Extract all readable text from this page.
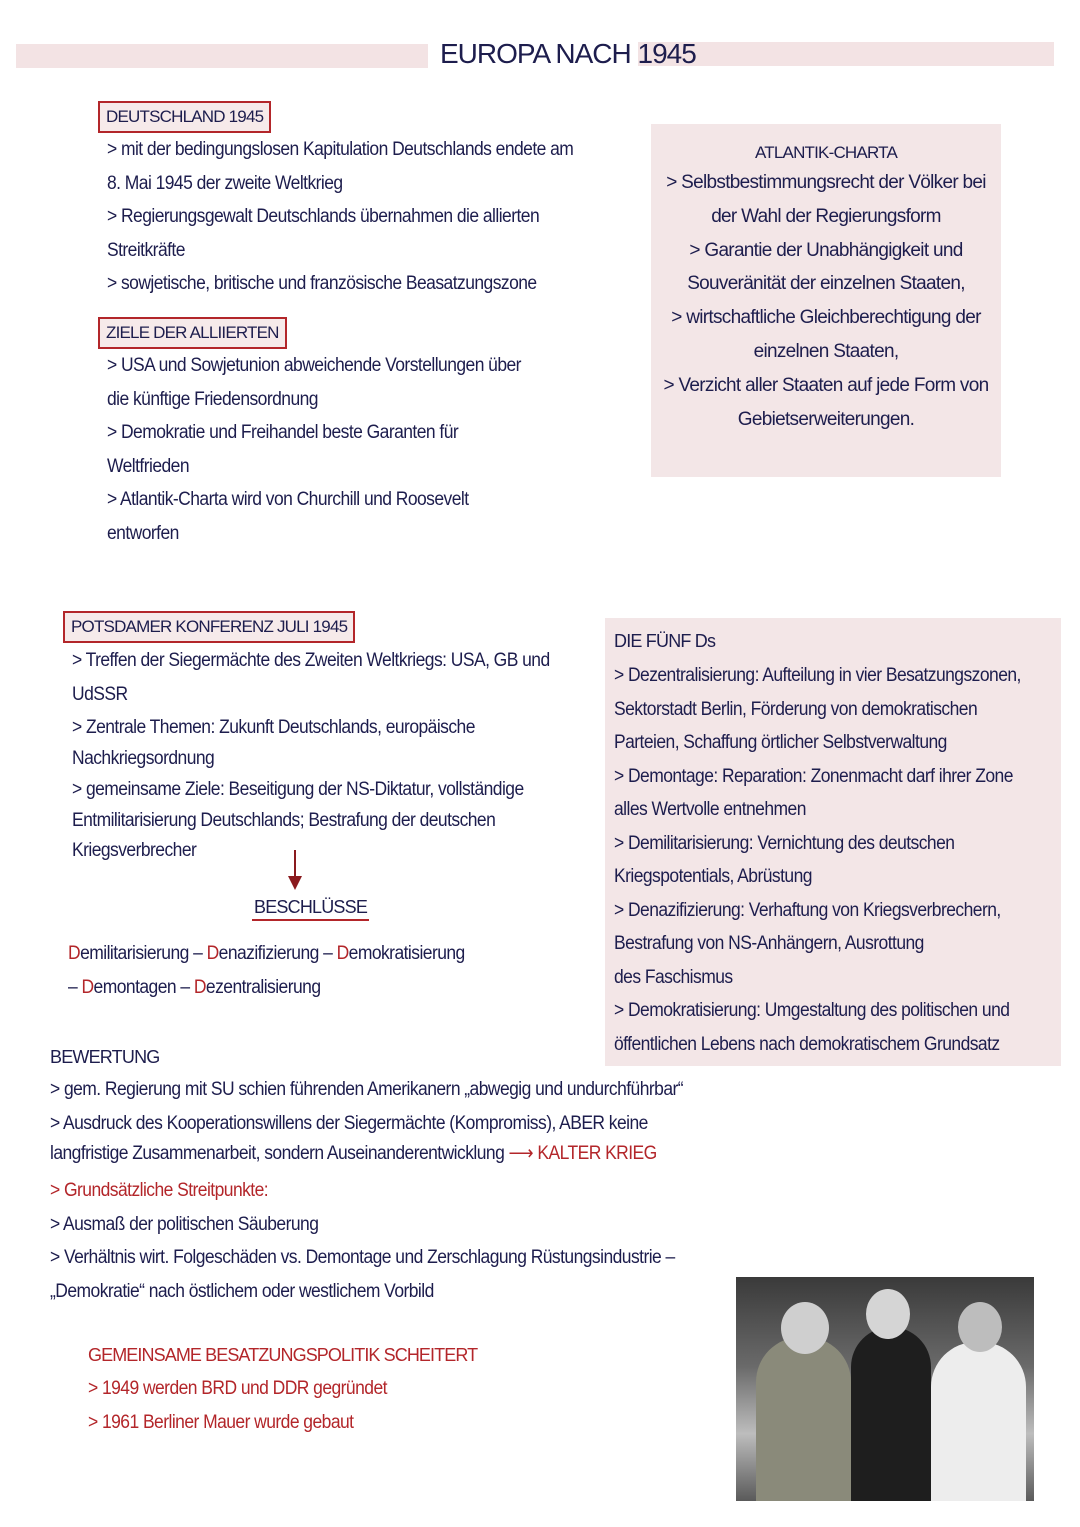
EUROPA NACH 1945
DEUTSCHLAND 1945
> mit der bedingungslosen Kapitulation Deutschlands endete am
8. Mai 1945 der zweite Weltkrieg
> Regierungsgewalt Deutschlands übernahmen die allierten
Streitkräfte
> sowjetische, britische und französische Beasatzungszone
ZIELE DER ALLIIERTEN
> USA und Sowjetunion abweichende Vorstellungen über
die künftige Friedensordnung
> Demokratie und Freihandel beste Garanten für
Weltfrieden
> Atlantik-Charta wird von Churchill und Roosevelt
entworfen
ATLANTIK-CHARTA
> Selbstbestimmungsrecht der Völker bei
der Wahl der Regierungsform
> Garantie der Unabhängigkeit und
Souveränität der einzelnen Staaten,
> wirtschaftliche Gleichberechtigung der
einzelnen Staaten,
> Verzicht aller Staaten auf jede Form von
Gebietserweiterungen.
POTSDAMER KONFERENZ JULI 1945
> Treffen der Siegermächte des Zweiten Weltkriegs: USA, GB und
UdSSR
> Zentrale Themen: Zukunft Deutschlands, europäische
Nachkriegsordnung
> gemeinsame Ziele: Beseitigung der NS-Diktatur, vollständige
Entmilitarisierung Deutschlands; Bestrafung der deutschen
Kriegsverbrecher
BESCHLÜSSE
Demilitarisierung – Denazifizierung – Demokratisierung
– Demontagen – Dezentralisierung
DIE FÜNF Ds
> Dezentralisierung: Aufteilung in vier Besatzungszonen,
Sektorstadt Berlin, Förderung von demokratischen
Parteien, Schaffung örtlicher Selbstverwaltung
> Demontage: Reparation: Zonenmacht darf ihrer Zone
alles Wertvolle entnehmen
> Demilitarisierung: Vernichtung des deutschen
Kriegspotentials, Abrüstung
> Denazifizierung: Verhaftung von Kriegsverbrechern,
Bestrafung von NS-Anhängern, Ausrottung
des Faschismus
> Demokratisierung: Umgestaltung des politischen und
öffentlichen Lebens nach demokratischem Grundsatz
BEWERTUNG
> gem. Regierung mit SU schien führenden Amerikanern „abwegig und undurchführbar“
> Ausdruck des Kooperationswillens der Siegermächte (Kompromiss), ABER keine
langfristige Zusammenarbeit, sondern Auseinanderentwicklung ⟶ KALTER KRIEG
> Grundsätzliche Streitpunkte:
> Ausmaß der politischen Säuberung
> Verhältnis wirt. Folgeschäden vs. Demontage und Zerschlagung Rüstungsindustrie –
„Demokratie“ nach östlichem oder westlichem Vorbild
GEMEINSAME BESATZUNGSPOLITIK SCHEITERT
> 1949 werden BRD und DDR gegründet
> 1961 Berliner Mauer wurde gebaut
